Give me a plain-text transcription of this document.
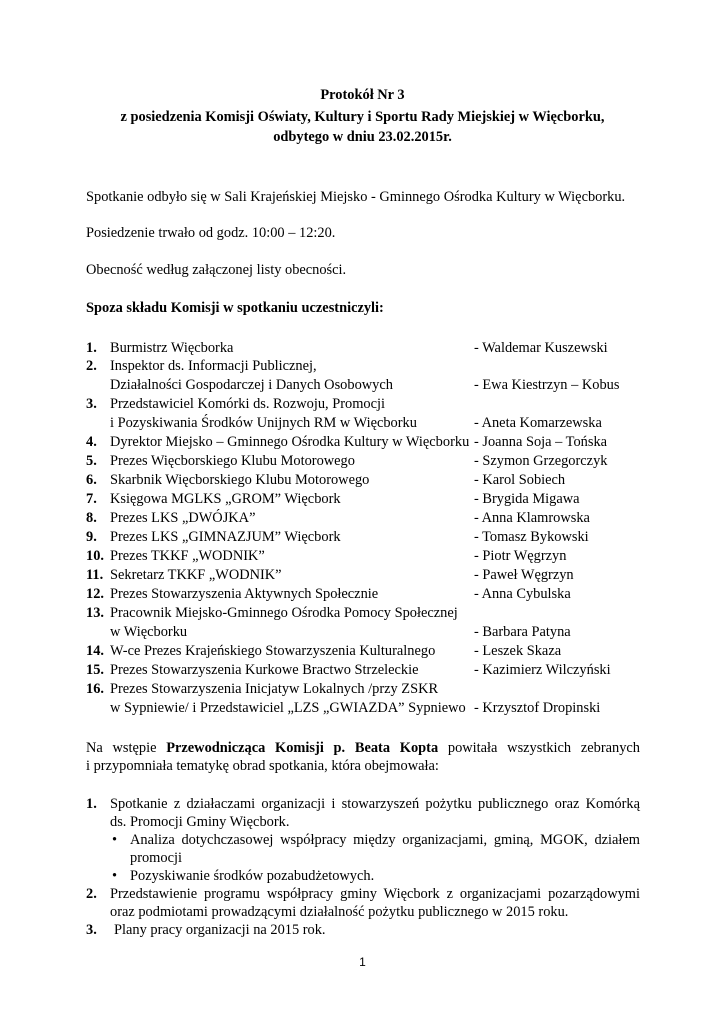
Protokół Nr 3
z posiedzenia Komisji Oświaty, Kultury i Sportu Rady Miejskiej w Więcborku,
odbytego w dniu 23.02.2015r.
Spotkanie odbyło się w Sali Krajeńskiej Miejsko - Gminnego Ośrodka Kultury w Więcborku.
Posiedzenie trwało od godz. 10:00 – 12:20.
Obecność według załączonej listy obecności.
Spoza składu Komisji w spotkaniu uczestniczyli:
1. Burmistrz Więcborka	- Waldemar Kuszewski
2. Inspektor ds. Informacji Publicznej,
Działalności Gospodarczej i Danych Osobowych	- Ewa Kiestrzyn – Kobus
3. Przedstawiciel Komórki ds. Rozwoju, Promocji
i Pozyskiwania Środków Unijnych RM w Więcborku	- Aneta Komarzewska
4. Dyrektor Miejsko – Gminnego Ośrodka Kultury w Więcborku - Joanna Soja – Tońska
5. Prezes Więcborskiego Klubu Motorowego	- Szymon Grzegorczyk
6. Skarbnik Więcborskiego Klubu Motorowego	- Karol Sobiech
7. Księgowa MGLKS „GROM” Więcbork	- Brygida Migawa
8. Prezes LKS „DWÓJKA”	- Anna Klamrowska
9. Prezes LKS „GIMNAZJUM” Więcbork	- Tomasz Bykowski
10. Prezes TKKF „WODNIK”	- Piotr Węgrzyn
11. Sekretarz TKKF „WODNIK”	- Paweł Węgrzyn
12. Prezes Stowarzyszenia Aktywnych Społecznie	- Anna Cybulska
13. Pracownik Miejsko-Gminnego Ośrodka Pomocy Społecznej
w Więcborku	- Barbara Patyna
14. W-ce Prezes Krajeńskiego Stowarzyszenia Kulturalnego	- Leszek Skaza
15. Prezes Stowarzyszenia Kurkowe Bractwo Strzeleckie	- Kazimierz Wilczyński
16. Prezes Stowarzyszenia Inicjatyw Lokalnych /przy ZSKR
w Sypniewie/ i Przedstawiciel „LZS „GWIAZDA” Sypniewo - Krzysztof Dropinski
Na wstępie Przewodnicząca Komisji p. Beata Kopta powitała wszystkich zebranych
i przypomniała tematykę obrad spotkania, która obejmowała:
1. Spotkanie z działaczami organizacji i stowarzyszeń pożytku publicznego oraz Komórką
ds. Promocji Gminy Więcbork.
• Analiza dotychczasowej współpracy między organizacjami, gminą, MGOK, działem
promocji
• Pozyskiwanie środków pozabudżetowych.
2. Przedstawienie programu współpracy gminy Więcbork z organizacjami pozarządowymi
oraz podmiotami prowadzącymi działalność pożytku publicznego w 2015 roku.
3. Plany pracy organizacji na 2015 rok.
1
